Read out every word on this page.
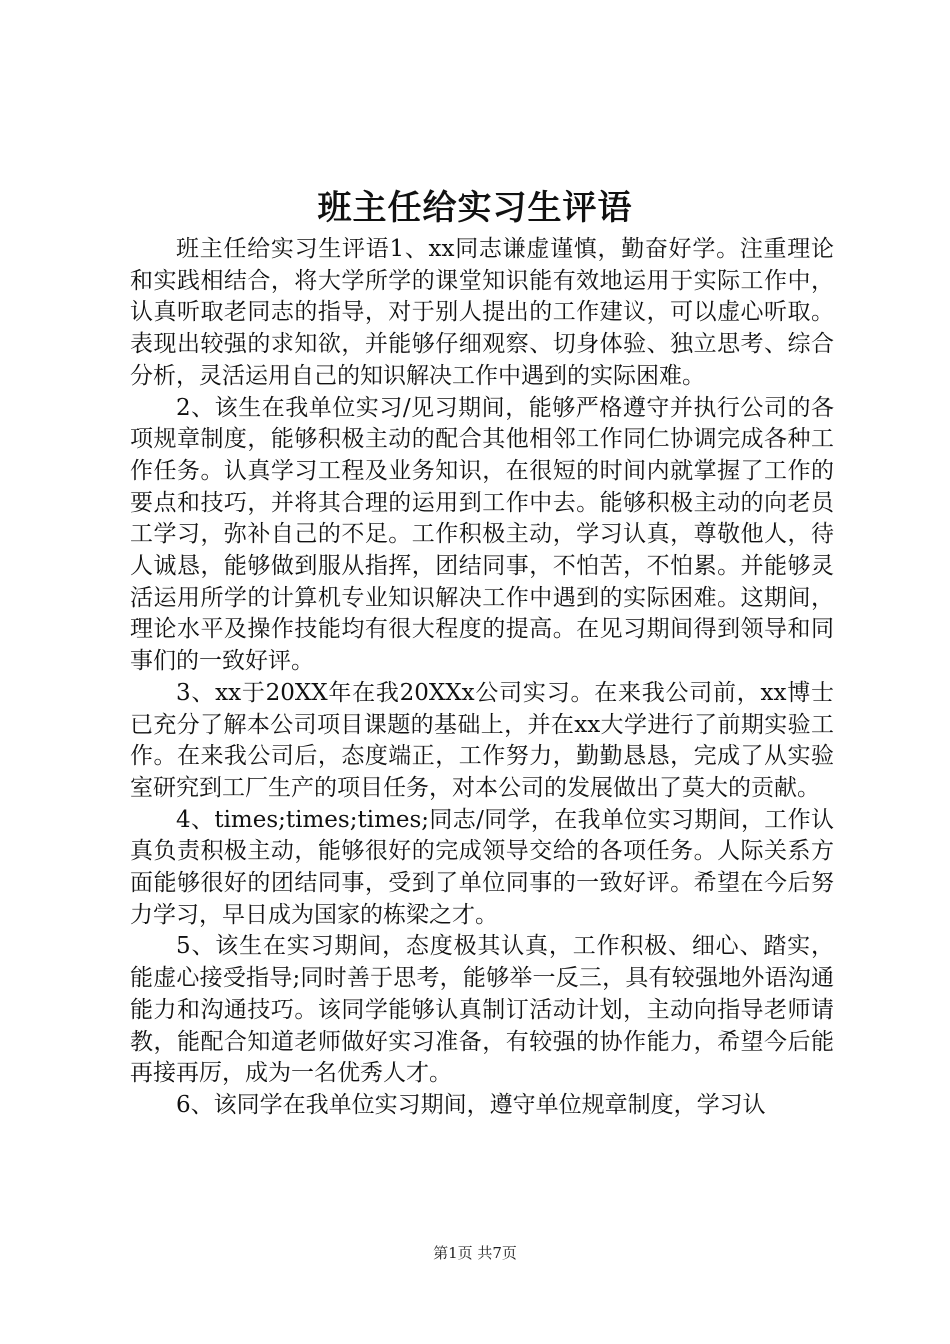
班主任给实习生评语

班主任给实习生评语1、xx同志谦虚谨慎，勤奋好学。注重理论和实践相结合，将大学所学的课堂知识能有效地运用于实际工作中，认真听取老同志的指导，对于别人提出的工作建议，可以虚心听取。表现出较强的求知欲，并能够仔细观察、切身体验、独立思考、综合分析，灵活运用自己的知识解决工作中遇到的实际困难。

2、该生在我单位实习/见习期间，能够严格遵守并执行公司的各项规章制度，能够积极主动的配合其他相邻工作同仁协调完成各种工作任务。认真学习工程及业务知识，在很短的时间内就掌握了工作的要点和技巧，并将其合理的运用到工作中去。能够积极主动的向老员工学习，弥补自己的不足。工作积极主动，学习认真，尊敬他人，待人诚恳，能够做到服从指挥，团结同事，不怕苦，不怕累。并能够灵活运用所学的计算机专业知识解决工作中遇到的实际困难。这期间，理论水平及操作技能均有很大程度的提高。在见习期间得到领导和同事们的一致好评。

3、xx于20XX年在我20XXx公司实习。在来我公司前，xx博士已充分了解本公司项目课题的基础上，并在xx大学进行了前期实验工作。在来我公司后，态度端正，工作努力，勤勤恳恳，完成了从实验室研究到工厂生产的项目任务，对本公司的发展做出了莫大的贡献。

4、times;times;times;同志/同学，在我单位实习期间，工作认真负责积极主动，能够很好的完成领导交给的各项任务。人际关系方面能够很好的团结同事，受到了单位同事的一致好评。希望在今后努力学习，早日成为国家的栋梁之才。

5、该生在实习期间，态度极其认真，工作积极、细心、踏实，能虚心接受指导;同时善于思考，能够举一反三，具有较强地外语沟通能力和沟通技巧。该同学能够认真制订活动计划，主动向指导老师请教，能配合知道老师做好实习准备，有较强的协作能力，希望今后能再接再厉，成为一名优秀人才。

6、该同学在我单位实习期间，遵守单位规章制度，学习认

第1页 共7页
